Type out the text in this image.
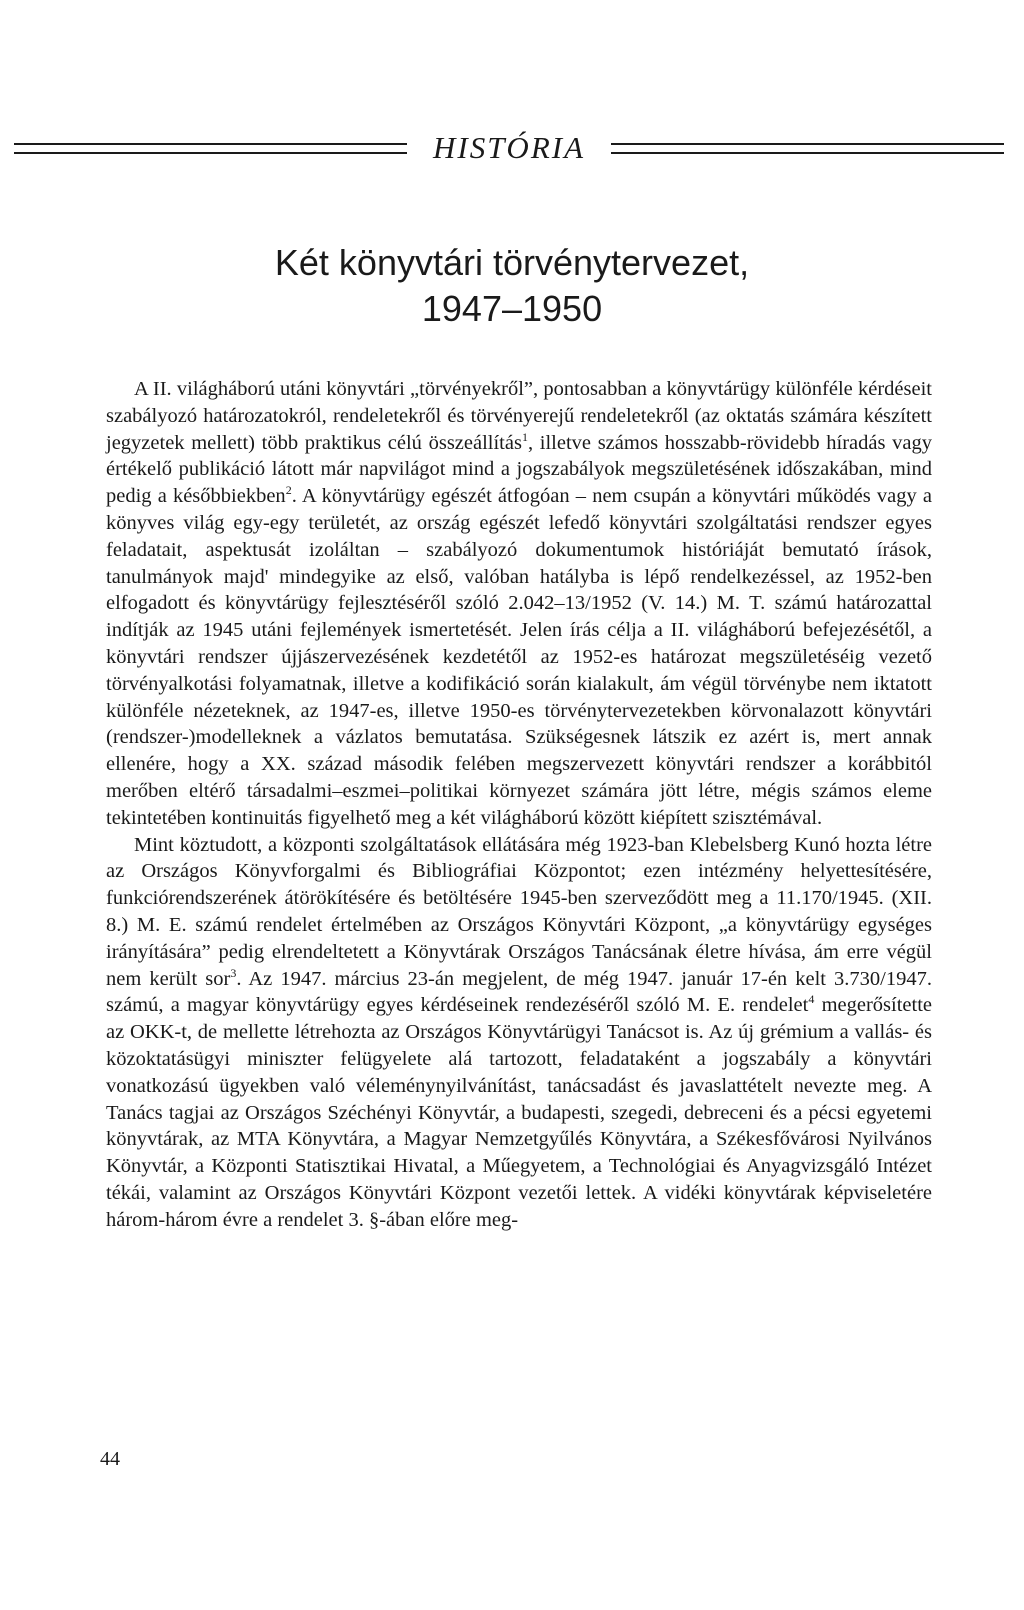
HISTÓRIA
Két könyvtári törvénytervezet,
1947–1950

A II. világháború utáni könyvtári „törvényekről”, pontosabban a könyvtárügy különféle kérdéseit szabályozó határozatokról, rendeletekről és törvényerejű rendeletekről (az oktatás számára készített jegyzetek mellett) több praktikus célú összeállítás$^1$, illetve számos hosszabb-rövidebb híradás vagy értékelő publikáció látott már napvilágot mind a jogszabályok megszületésének időszakában, mind pedig a későbbiekben$^2$. A könyvtárügy egészét átfogóan – nem csupán a könyvtári működés vagy a könyves világ egy-egy területét, az ország egészét lefedő könyvtári szolgáltatási rendszer egyes feladatait, aspektusát izoláltan – szabályozó dokumentumok históriáját bemutató írások, tanulmányok majd' mindegyike az első, valóban hatályba is lépő rendelkezéssel, az 1952-ben elfogadott és könyvtárügy fejlesztéséről szóló 2.042–13/1952 (V. 14.) M. T. számú határozattal indítják az 1945 utáni fejlemények ismertetését. Jelen írás célja a II. világháború befejezésétől, a könyvtári rendszer újjászervezésének kezdetétől az 1952-es határozat megszületéséig vezető törvényalkotási folyamatnak, illetve a kodifikáció során kialakult, ám végül törvénybe nem iktatott különféle nézeteknek, az 1947-es, illetve 1950-es törvénytervezetekben körvonalazott könyvtári (rendszer-)modelleknek a vázlatos bemutatása. Szükségesnek látszik ez azért is, mert annak ellenére, hogy a XX. század második felében megszervezett könyvtári rendszer a korábbitól merőben eltérő társadalmi–eszmei–politikai környezet számára jött létre, mégis számos eleme tekintetében kontinuitás figyelhető meg a két világháború között kiépített szisztémával.

Mint köztudott, a központi szolgáltatások ellátására még 1923-ban Klebelsberg Kunó hozta létre az Országos Könyvforgalmi és Bibliográfiai Központot; ezen intézmény helyettesítésére, funkciórendszerének átörökítésére és betöltésére 1945-ben szerveződött meg a 11.170/1945. (XII. 8.) M. E. számú rendelet értelmében az Országos Könyvtári Központ, „a könyvtárügy egységes irányítására” pedig elrendeltetett a Könyvtárak Országos Tanácsának életre hívása, ám erre végül nem került sor$^3$. Az 1947. március 23-án megjelent, de még 1947. január 17-én kelt 3.730/1947. számú, a magyar könyvtárügy egyes kérdéseinek rendezéséről szóló M. E. rendelet$^4$ megerősítette az OKK-t, de mellette létrehozta az Országos Könyvtárügyi Tanácsot is. Az új grémium a vallás- és közoktatásügyi miniszter felügyelete alá tartozott, feladataként a jogszabály a könyvtári vonatkozású ügyekben való véleménynyilvánítást, tanácsadást és javaslattételt nevezte meg. A Tanács tagjai az Országos Széchényi Könyvtár, a budapesti, szegedi, debreceni és a pécsi egyetemi könyvtárak, az MTA Könyvtára, a Magyar Nemzetgyűlés Könyvtára, a Székesfővárosi Nyilvános Könyvtár, a Központi Statisztikai Hivatal, a Műegyetem, a Technológiai és Anyagvizsgáló Intézet tékái, valamint az Országos Könyvtári Központ vezetői lettek. A vidéki könyvtárak képviseletére három-három évre a rendelet 3. §-ában előre meg-

44
